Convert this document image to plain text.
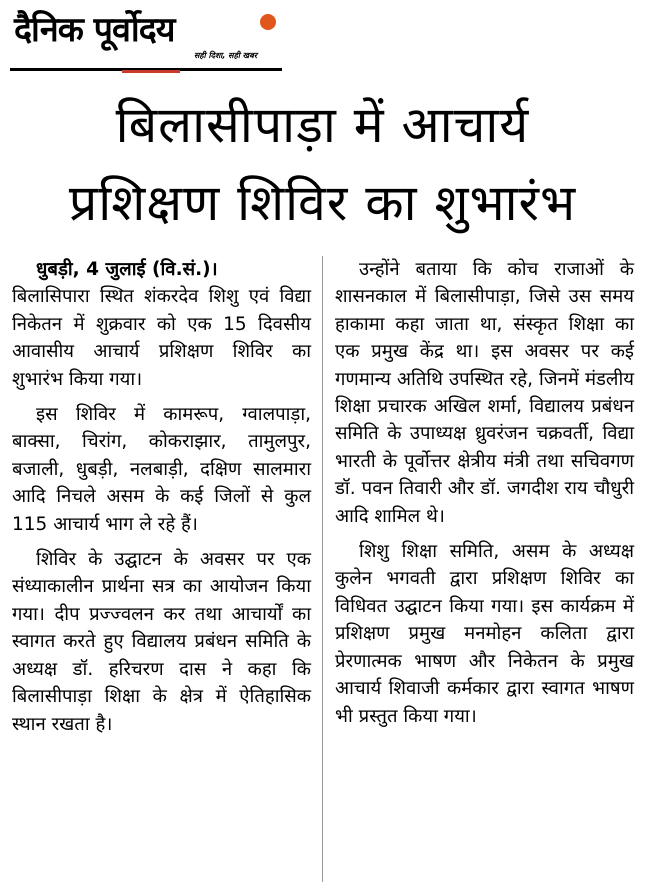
दैनिक पूर्वोदय
सही दिशा, सही खबर
बिलासीपाड़ा में आचार्य
प्रशिक्षण शिविर का शुभारंभ

धुबड़ी, 4 जुलाई (वि.सं.)।

बिलासिपारा स्थित शंकरदेव शिशु एवं विद्या निकेतन में शुक्रवार को एक 15 दिवसीय आवासीय आचार्य प्रशिक्षण शिविर का शुभारंभ किया गया।

इस शिविर में कामरूप, ग्वालपाड़ा, बाक्सा, चिरांग, कोकराझार, तामुलपुर, बजाली, धुबड़ी, नलबाड़ी, दक्षिण सालमारा आदि निचले असम के कई जिलों से कुल 115 आचार्य भाग ले रहे हैं।

शिविर के उद्घाटन के अवसर पर एक संध्याकालीन प्रार्थना सत्र का आयोजन किया गया। दीप प्रज्ज्वलन कर तथा आचार्यों का स्वागत करते हुए विद्यालय प्रबंधन समिति के अध्यक्ष डॉ. हरिचरण दास ने कहा कि बिलासीपाड़ा शिक्षा के क्षेत्र में ऐतिहासिक स्थान रखता है।

उन्होंने बताया कि कोच राजाओं के शासनकाल में बिलासीपाड़ा, जिसे उस समय हाकामा कहा जाता था, संस्कृत शिक्षा का एक प्रमुख केंद्र था। इस अवसर पर कई गणमान्य अतिथि उपस्थित रहे, जिनमें मंडलीय शिक्षा प्रचारक अखिल शर्मा, विद्यालय प्रबंधन समिति के उपाध्यक्ष ध्रुवरंजन चक्रवर्ती, विद्या भारती के पूर्वोत्तर क्षेत्रीय मंत्री तथा सचिवगण डॉ. पवन तिवारी और डॉ. जगदीश राय चौधुरी आदि शामिल थे।

शिशु शिक्षा समिति, असम के अध्यक्ष कुलेन भगवती द्वारा प्रशिक्षण शिविर का विधिवत उद्घाटन किया गया। इस कार्यक्रम में प्रशिक्षण प्रमुख मनमोहन कलिता द्वारा प्रेरणात्मक भाषण और निकेतन के प्रमुख आचार्य शिवाजी कर्मकार द्वारा स्वागत भाषण भी प्रस्तुत किया गया।
